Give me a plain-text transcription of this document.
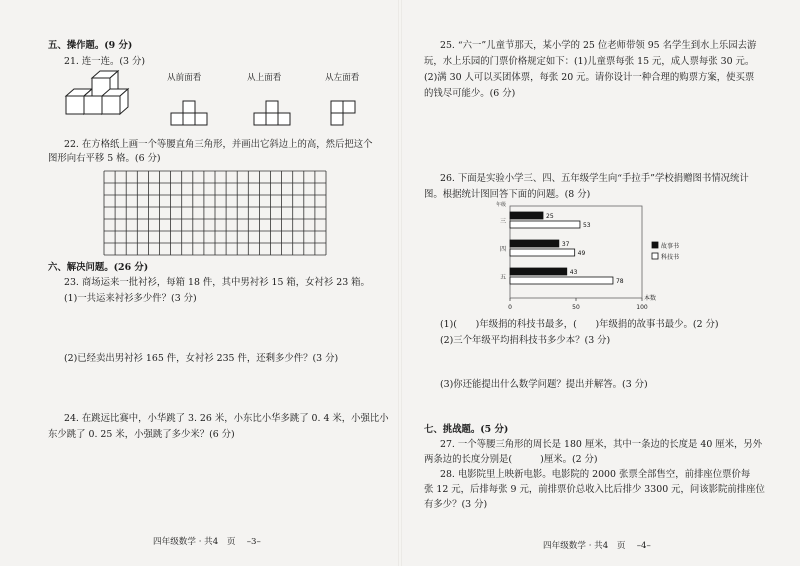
五、操作题。(9 分)
21. 连一连。(3 分)
从前面看	从上面看	从左面看
22. 在方格纸上画一个等腰直角三角形，并画出它斜边上的高，然后把这个
图形向右平移 5 格。(6 分)
六、解决问题。(26 分)
23. 商场运来一批衬衫，每箱 18 件，其中男衬衫 15 箱，女衬衫 23 箱。
(1)一共运来衬衫多少件？(3 分)
(2)已经卖出男衬衫 165 件，女衬衫 235 件，还剩多少件？(3 分)
24. 在跳远比赛中，小华跳了 3. 26 米，小东比小华多跳了 0. 4 米，小强比小
东少跳了 0. 25 米，小强跳了多少米？(6 分)
四年级数学 · 共4　页　 –3–
25. “六一”儿童节那天，某小学的 25 位老师带领 95 名学生到水上乐园去游
玩，水上乐园的门票价格规定如下：(1)儿童票每张 15 元，成人票每张 30 元。
(2)满 30 人可以买团体票，每张 20 元。请你设计一种合理的购票方案，使买票
的钱尽可能少。(6 分)
26. 下面是实验小学三、四、五年级学生向“手拉手”学校捐赠图书情况统计
图。根据统计图回答下面的问题。(8 分)
年级
三
25
53
四
37
49
五
43
78
0	50	100
本数
故事书
科技书
(1)(　　)年级捐的科技书最多，(　　)年级捐的故事书最少。(2 分)
(2)三个年级平均捐科技书多少本？(3 分)
(3)你还能提出什么数学问题？提出并解答。(3 分)
七、挑战题。(5 分)
27. 一个等腰三角形的周长是 180 厘米，其中一条边的长度是 40 厘米，另外
两条边的长度分别是(　　　)厘米。(2 分)
28. 电影院里上映新电影。电影院的 2000 张票全部售空，前排座位票价每
张 12 元，后排每张 9 元，前排票价总收入比后排少 3300 元，问该影院前排座位
有多少？(3 分)
四年级数学 · 共4　页　 –4–
